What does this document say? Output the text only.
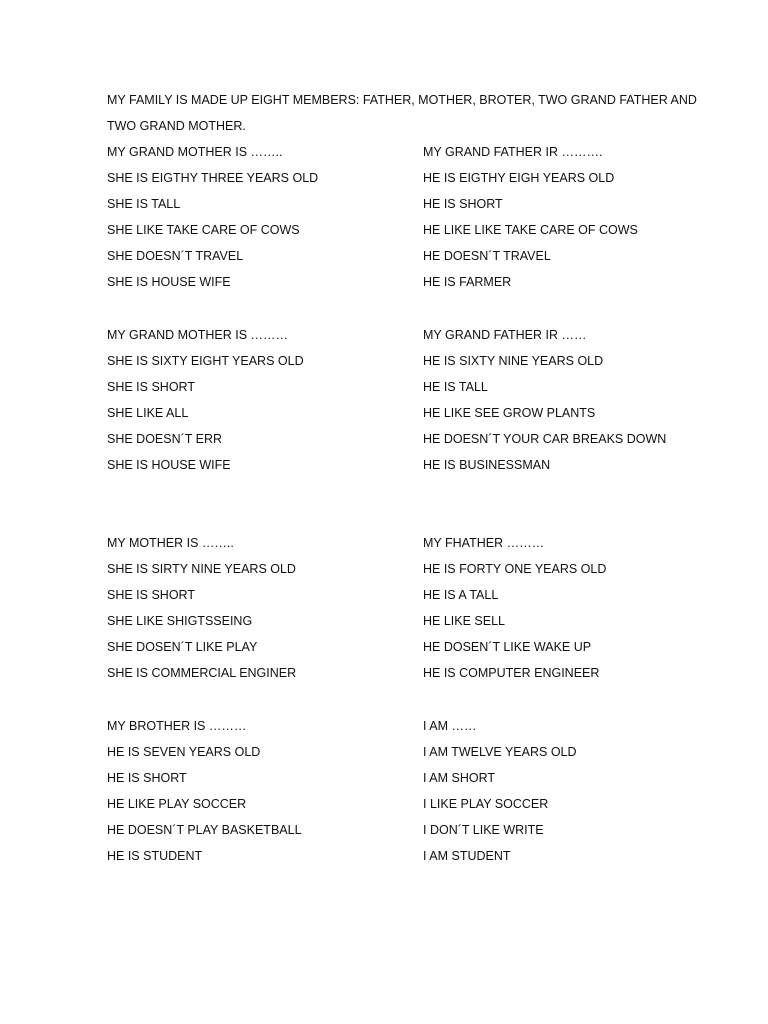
MY FAMILY IS MADE UP EIGHT MEMBERS: FATHER, MOTHER, BROTER, TWO GRAND FATHER AND
TWO GRAND MOTHER.
MY GRAND MOTHER IS ……..
SHE IS EIGTHY THREE YEARS OLD
SHE IS TALL
SHE LIKE TAKE CARE OF COWS
SHE DOESN´T TRAVEL
SHE IS HOUSE WIFE
MY GRAND FATHER IR ……….
HE IS EIGTHY EIGH YEARS OLD
HE IS SHORT
HE LIKE LIKE TAKE CARE OF COWS
HE DOESN´T TRAVEL
HE IS FARMER
MY GRAND MOTHER IS ………
SHE IS SIXTY EIGHT YEARS OLD
SHE IS SHORT
SHE LIKE ALL
SHE DOESN´T ERR
SHE IS HOUSE WIFE
MY GRAND FATHER IR ……
HE IS SIXTY NINE YEARS OLD
HE IS TALL
HE LIKE SEE GROW PLANTS
HE DOESN´T YOUR CAR BREAKS DOWN
HE IS BUSINESSMAN
MY MOTHER IS ……..
SHE IS SIRTY NINE YEARS OLD
SHE IS SHORT
SHE LIKE SHIGTSSEING
SHE DOSEN´T LIKE PLAY
SHE IS COMMERCIAL ENGINER
MY FHATHER ………
HE IS FORTY ONE YEARS OLD
HE IS A TALL
HE LIKE SELL
HE DOSEN´T LIKE WAKE UP
HE IS COMPUTER ENGINEER
MY BROTHER IS ………
HE IS SEVEN YEARS OLD
HE IS SHORT
HE LIKE PLAY SOCCER
HE DOESN´T PLAY BASKETBALL
HE IS STUDENT
I AM ……
I AM TWELVE YEARS OLD
I AM SHORT
I LIKE PLAY SOCCER
I DON´T LIKE WRITE
I AM STUDENT
